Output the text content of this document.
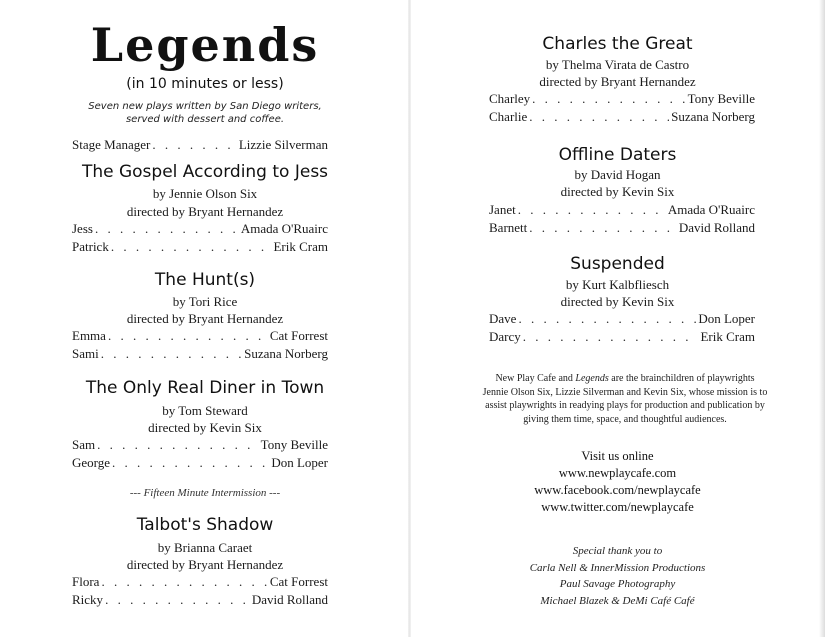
Legends
(in 10 minutes or less)
Seven new plays written by San Diego writers,
served with dessert and coffee.
Stage Manager . . .	Lizzie Silverman
The Gospel According to Jess
by Jennie Olson Six
directed by Bryant Hernandez
Jess . . .	Amada O'Ruairc
Patrick . . .	Erik Cram
The Hunt(s)
by Tori Rice
directed by Bryant Hernandez
Emma . . .	Cat Forrest
Sami . . .	Suzana Norberg
The Only Real Diner in Town
by Tom Steward
directed by Kevin Six
Sam . . .	Tony Beville
George . . .	Don Loper
--- Fifteen Minute Intermission ---
Talbot's Shadow
by Brianna Caraet
directed by Bryant Hernandez
Flora . . .	Cat Forrest
Ricky . . .	David Rolland
Charles the Great
by Thelma Virata de Castro
directed by Bryant Hernandez
Charley . . .	Tony Beville
Charlie . . .	Suzana Norberg
Offline Daters
by David Hogan
directed by Kevin Six
Janet . . .	Amada O'Ruairc
Barnett . . .	David Rolland
Suspended
by Kurt Kalbfliesch
directed by Kevin Six
Dave . . .	Don Loper
Darcy . . .	Erik Cram
New Play Cafe and Legends are the brainchildren of playwrights
Jennie Olson Six, Lizzie Silverman and Kevin Six, whose mission is to
assist playwrights in readying plays for production and publication by
giving them time, space, and thoughtful audiences.
Visit us online
www.newplaycafe.com
www.facebook.com/newplaycafe
www.twitter.com/newplaycafe
Special thank you to
Carla Nell & InnerMission Productions
Paul Savage Photography
Michael Blazek & DeMi Café Café
